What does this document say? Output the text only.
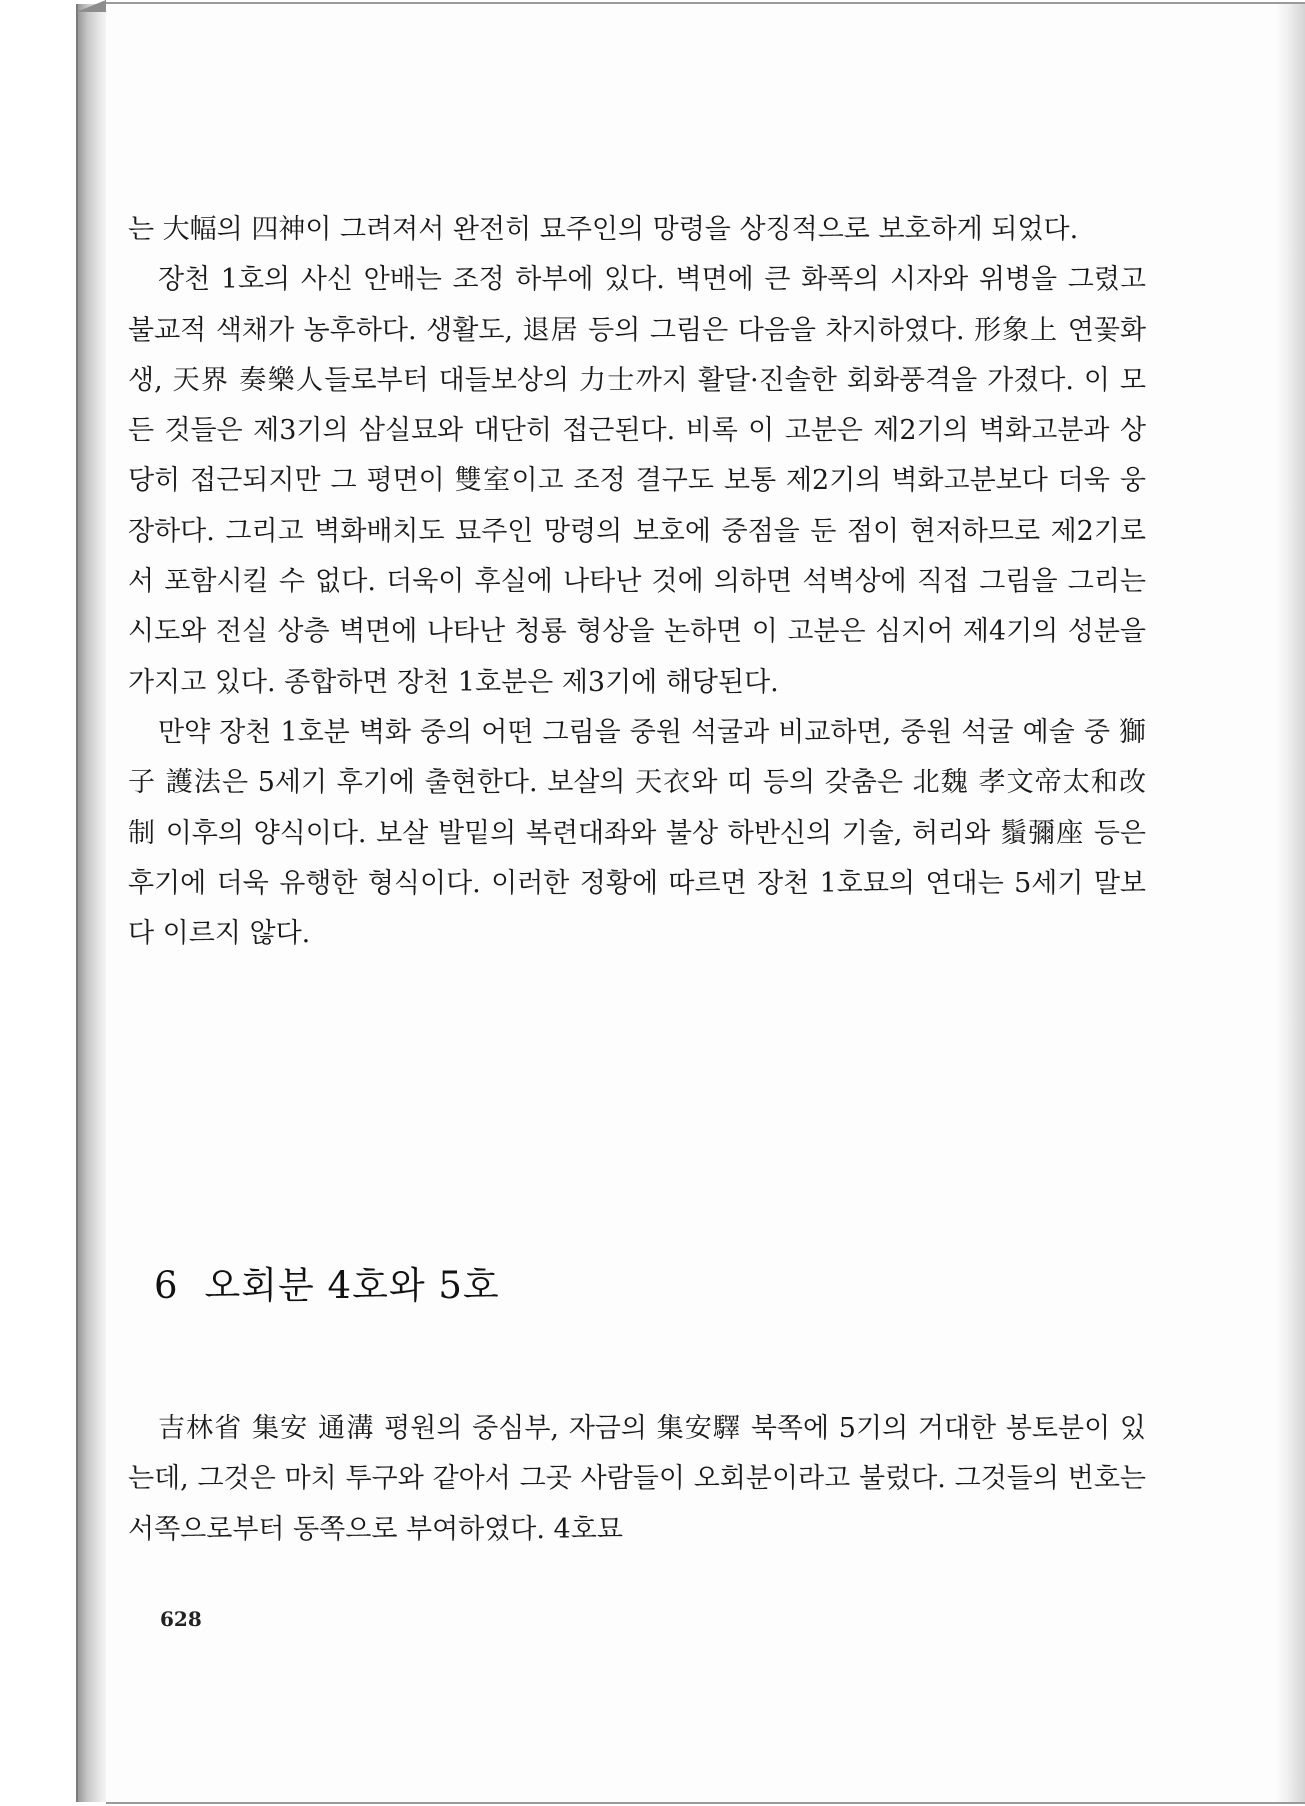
는 大幅의 四神이 그려져서 완전히 묘주인의 망령을 상징적으로 보호하게 되었다.

장천 1호의 사신 안배는 조정 하부에 있다. 벽면에 큰 화폭의 시자와 위병을 그렸고 불교적 색채가 농후하다. 생활도, 退居 등의 그림은 다음을 차지하였다. 形象上 연꽃화생, 天界 奏樂人들로부터 대들보상의 力士까지 활달·진솔한 회화풍격을 가졌다. 이 모든 것들은 제3기의 삼실묘와 대단히 접근된다. 비록 이 고분은 제2기의 벽화고분과 상당히 접근되지만 그 평면이 雙室이고 조정 결구도 보통 제2기의 벽화고분보다 더욱 웅장하다. 그리고 벽화배치도 묘주인 망령의 보호에 중점을 둔 점이 현저하므로 제2기로서 포함시킬 수 없다. 더욱이 후실에 나타난 것에 의하면 석벽상에 직접 그림을 그리는 시도와 전실 상층 벽면에 나타난 청룡 형상을 논하면 이 고분은 심지어 제4기의 성분을 가지고 있다. 종합하면 장천 1호분은 제3기에 해당된다.

만약 장천 1호분 벽화 중의 어떤 그림을 중원 석굴과 비교하면, 중원 석굴 예술 중 獅子 護法은 5세기 후기에 출현한다. 보살의 天衣와 띠 등의 갖춤은 北魏 孝文帝太和改制 이후의 양식이다. 보살 발밑의 복련대좌와 불상 하반신의 기술, 허리와 鬚彌座 등은 후기에 더욱 유행한 형식이다. 이러한 정황에 따르면 장천 1호묘의 연대는 5세기 말보다 이르지 않다.

6 오회분 4호와 5호

吉林省 集安 通溝 평원의 중심부, 자금의 集安驛 북쪽에 5기의 거대한 봉토분이 있는데, 그것은 마치 투구와 같아서 그곳 사람들이 오회분이라고 불렀다. 그것들의 번호는 서쪽으로부터 동쪽으로 부여하였다. 4호묘

628
